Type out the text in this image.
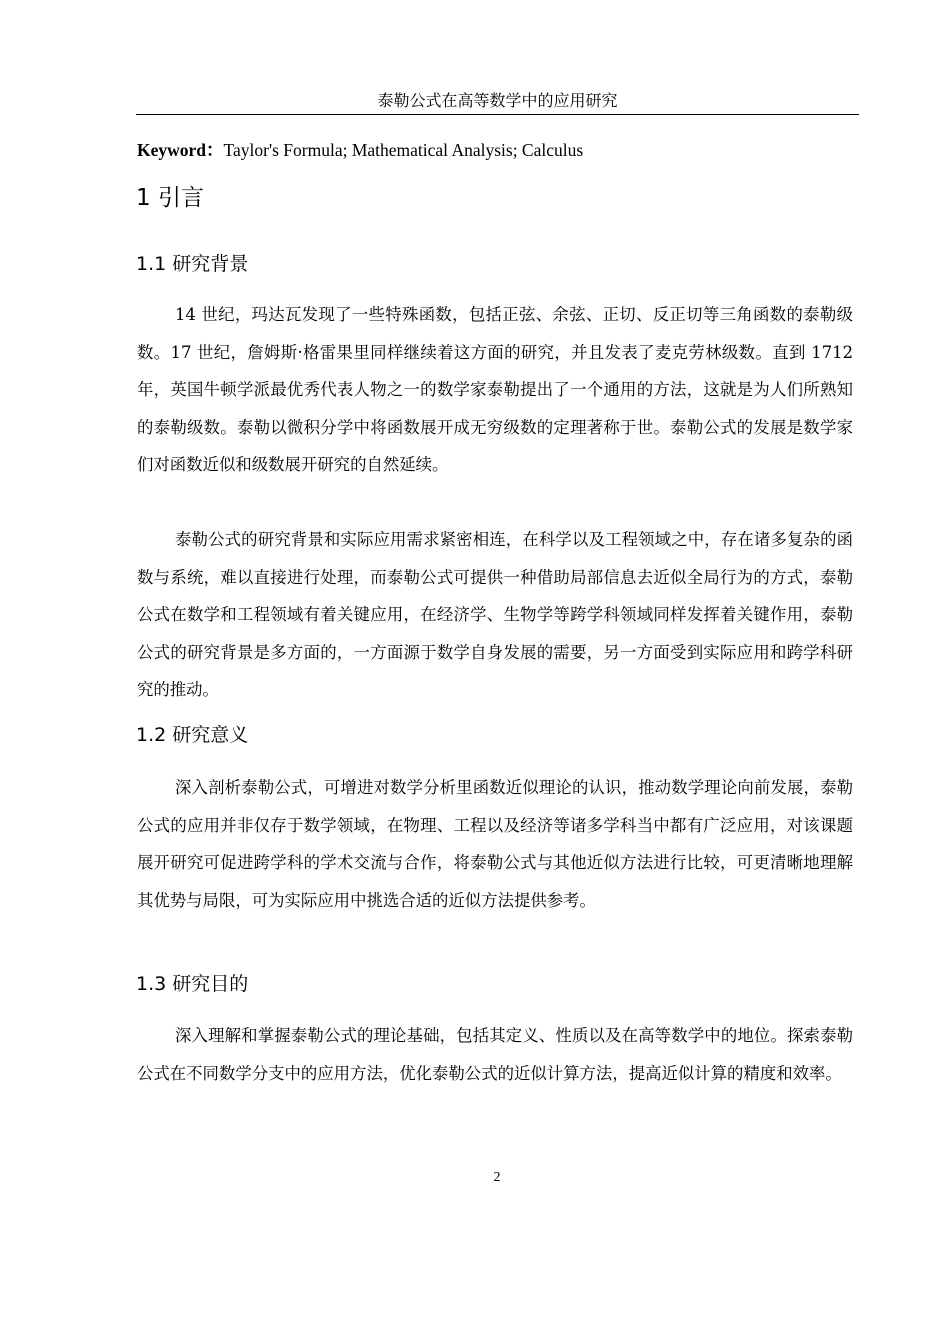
泰勒公式在高等数学中的应用研究
Keyword：Taylor's Formula; Mathematical Analysis; Calculus
1 引言
1.1 研究背景

14 世纪，玛达瓦发现了一些特殊函数，包括正弦、余弦、正切、反正切等三角函数的泰勒级数。17 世纪，詹姆斯·格雷果里同样继续着这方面的研究，并且发表了麦克劳林级数。直到 1712 年，英国牛顿学派最优秀代表人物之一的数学家泰勒提出了一个通用的方法，这就是为人们所熟知的泰勒级数。泰勒以微积分学中将函数展开成无穷级数的定理著称于世。泰勒公式的发展是数学家们对函数近似和级数展开研究的自然延续。

泰勒公式的研究背景和实际应用需求紧密相连，在科学以及工程领域之中，存在诸多复杂的函数与系统，难以直接进行处理，而泰勒公式可提供一种借助局部信息去近似全局行为的方式，泰勒公式在数学和工程领域有着关键应用，在经济学、生物学等跨学科领域同样发挥着关键作用，泰勒公式的研究背景是多方面的，一方面源于数学自身发展的需要，另一方面受到实际应用和跨学科研究的推动。

1.2 研究意义

深入剖析泰勒公式，可增进对数学分析里函数近似理论的认识，推动数学理论向前发展，泰勒公式的应用并非仅存于数学领域，在物理、工程以及经济等诸多学科当中都有广泛应用，对该课题展开研究可促进跨学科的学术交流与合作，将泰勒公式与其他近似方法进行比较，可更清晰地理解其优势与局限，可为实际应用中挑选合适的近似方法提供参考。

1.3 研究目的

深入理解和掌握泰勒公式的理论基础，包括其定义、性质以及在高等数学中的地位。探索泰勒公式在不同数学分支中的应用方法，优化泰勒公式的近似计算方法，提高近似计算的精度和效率。

2
